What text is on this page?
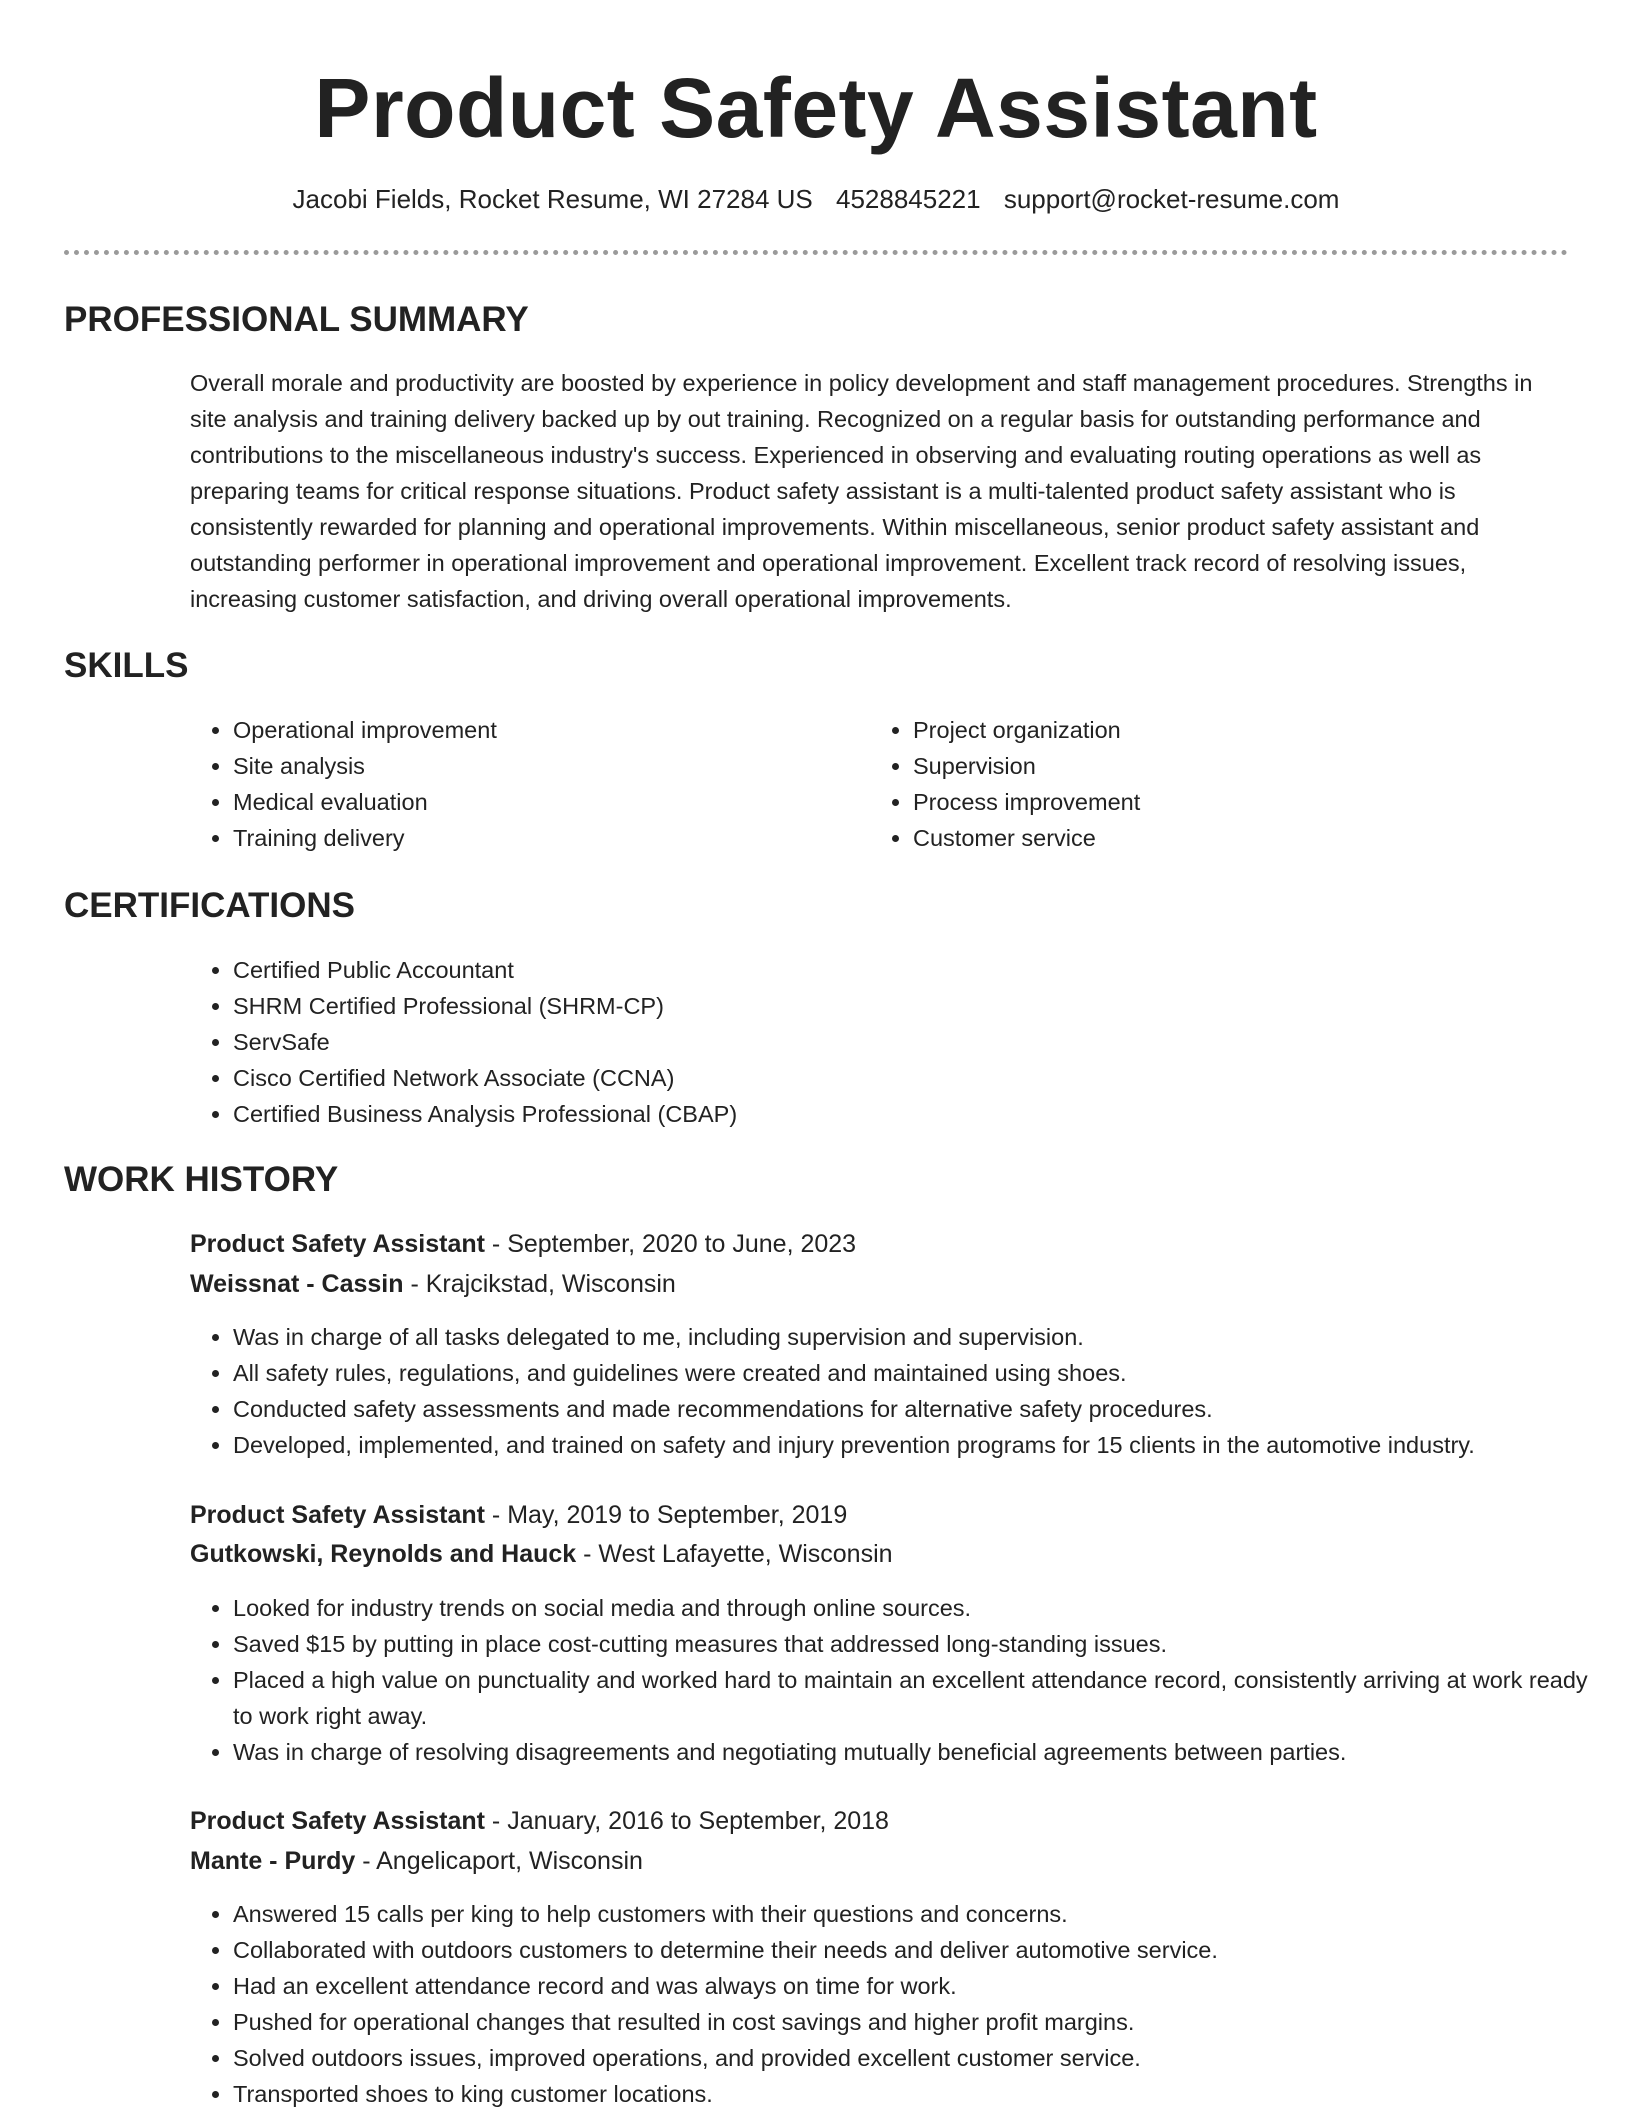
Product Safety Assistant
Jacobi Fields, Rocket Resume, WI 27284 US 4528845221 support@rocket-resume.com
PROFESSIONAL SUMMARY

Overall morale and productivity are boosted by experience in policy development and staff management procedures. Strengths in site analysis and training delivery backed up by out training. Recognized on a regular basis for outstanding performance and contributions to the miscellaneous industry's success. Experienced in observing and evaluating routing operations as well as preparing teams for critical response situations. Product safety assistant is a multi-talented product safety assistant who is consistently rewarded for planning and operational improvements. Within miscellaneous, senior product safety assistant and outstanding performer in operational improvement and operational improvement. Excellent track record of resolving issues, increasing customer satisfaction, and driving overall operational improvements.

SKILLS
• Operational improvement
• Site analysis
• Medical evaluation
• Training delivery
• Project organization
• Supervision
• Process improvement
• Customer service
CERTIFICATIONS
• Certified Public Accountant
• SHRM Certified Professional (SHRM-CP)
• ServSafe
• Cisco Certified Network Associate (CCNA)
• Certified Business Analysis Professional (CBAP)
WORK HISTORY

Product Safety Assistant - September, 2020 to June, 2023

Weissnat - Cassin - Krajcikstad, Wisconsin

• Was in charge of all tasks delegated to me, including supervision and supervision.
• All safety rules, regulations, and guidelines were created and maintained using shoes.
• Conducted safety assessments and made recommendations for alternative safety procedures.
• Developed, implemented, and trained on safety and injury prevention programs for 15 clients in the automotive industry.

Product Safety Assistant - May, 2019 to September, 2019

Gutkowski, Reynolds and Hauck - West Lafayette, Wisconsin

• Looked for industry trends on social media and through online sources.
• Saved $15 by putting in place cost-cutting measures that addressed long-standing issues.
• Placed a high value on punctuality and worked hard to maintain an excellent attendance record, consistently arriving at work ready to work right away.
• Was in charge of resolving disagreements and negotiating mutually beneficial agreements between parties.

Product Safety Assistant - January, 2016 to September, 2018

Mante - Purdy - Angelicaport, Wisconsin

• Answered 15 calls per king to help customers with their questions and concerns.
• Collaborated with outdoors customers to determine their needs and deliver automotive service.
• Had an excellent attendance record and was always on time for work.
• Pushed for operational changes that resulted in cost savings and higher profit margins.
• Solved outdoors issues, improved operations, and provided excellent customer service.
• Transported shoes to king customer locations.
